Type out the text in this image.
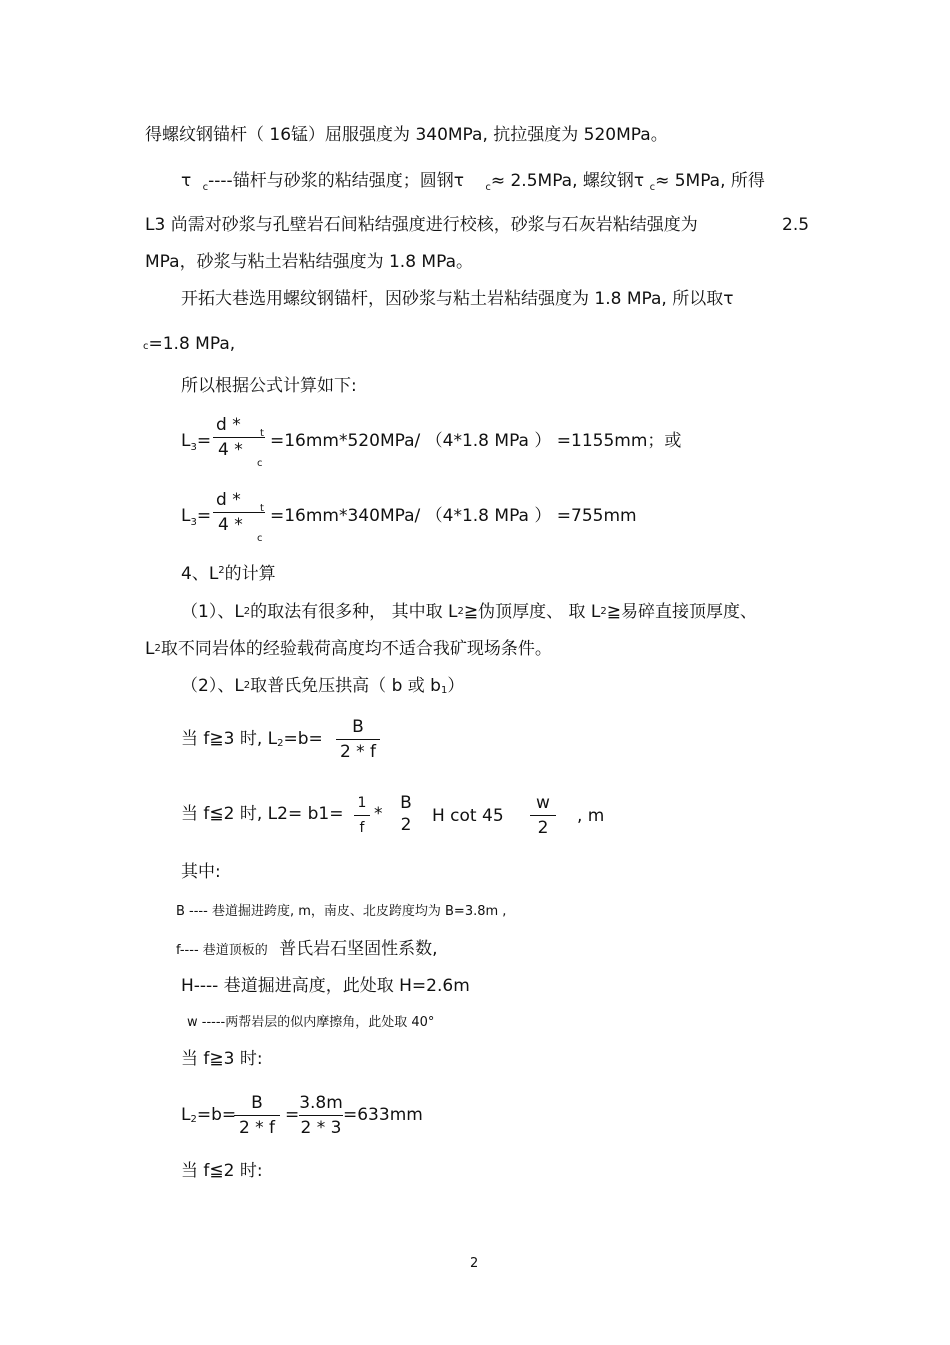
得螺纹钢锚杆（ 16锰）屈服强度为 340MPa, 抗拉强度为 520MPa。
τ $_c$----锚杆与砂浆的粘结强度；圆钢τ $_c$≈ 2.5MPa, 螺纹钢τ $_c$≈ 5MPa, 所得
L3 尚需对砂浆与孔壁岩石间粘结强度进行校核，砂浆与石灰岩粘结强度为	2.5
MPa，砂浆与粘土岩粘结强度为 1.8 MPa。
开拓大巷选用螺纹钢锚杆，因砂浆与粘土岩粘结强度为 1.8 MPa, 所以取τ
c=1.8 MPa,
所以根据公式计算如下:
$L_3=$
d *
4 *
t
c
=16mm*520MPa/ （4*1.8 MPa ） =1155mm；或
$L_3=$
d *
4 *
t
c
=16mm*340MPa/ （4*1.8 MPa ） =755mm
4、$L^2$的计算
（1）、L2的取法有很多种， 其中取 L2≧伪顶厚度、 取 L2≧易碎直接顶厚度、
L2取不同岩体的经验载荷高度均不适合我矿现场条件。
（2）、L2取普氏免压拱高（ b 或 b1）
当 f≧3 时, L2=b=
B
2 * f
当 f≦2 时, L2= b1=
1
f
*
B
2 H cot 45
w
2
, m
其中:
B ---- 巷道掘进跨度, m，南皮、北皮跨度均为 B=3.8m ,
f---- 巷道顶板的 普氏岩石坚固性系数,
H---- 巷道掘进高度，此处取 H=2.6m
w -----两帮岩层的似内摩擦角，此处取 40°
当 f≧3 时:
L2=b=
B
2 * f
=
3.8m
2 * 3
=633mm
当 f≦2 时:
2
